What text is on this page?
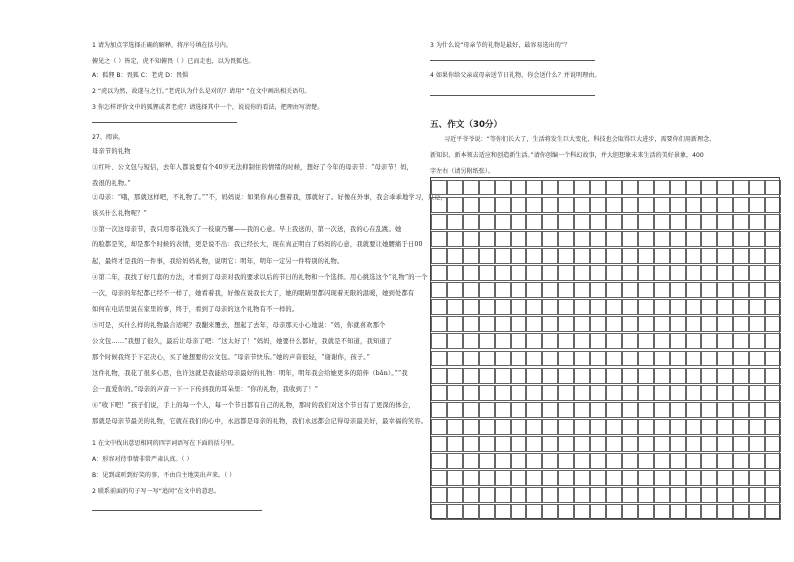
1 请为加点字选择正确的解释，将序号填在括号内。
俯见之（ ）皆定，虎不知俯畏（ ）已而走也，以为畏狐也。
A：狐狸 B：畏狐 C：老虎 D：畏惧
2 “虎以为然，故遂与之行。”老虎认为什么是对的？请用“ ”在文中画出相关语句。
3 你怎样评价文中的狐狸或者老虎？请选择其中一个，说说你的看法，把理由写清楚。
27、阅读。
母亲节的礼物
①红叶、公文包与短信，去年人都说要有个40岁无法抑制住的情绪的时候，想好了今年的母亲节：“母亲节！妈，
我很的礼物。”
②母亲：“哦，那就这样吧，不礼物了。”“不，妈妈说：如果你真心想着我，那就好了。好像在外事，我会乖乖地学习，只是，
该买什么礼物呢？”
③第一次这母亲节，我只用零花钱买了一枝康乃馨——我的心意。早上我送的，第一次送，我的心在乱跳。她
的脸都是笑，却是那个时候的表情，更是说不出：我已经长大，现在真正明白了妈妈的心意，我就要让她腰痛于日00
起，最终才是我的一件事，我给妈妈礼物，说明它：明年，明年一定另一件特别的礼物。
④第二年，我找了好几套的方法，才看到了母亲对我的要求以后的节日的礼物和一个选择。用心挑选这个“礼物”的一个
一次，母亲的年纪都已经不一样了，她看着我，好像在说我长大了，她的眼睛里都闪现着无限的温暖，她到处都有
如何在电话里说在家里的事，终于，看到了母亲的这个礼物有不一样的。
⑤可是，买什么样的礼物最合适呢？我翻来覆去，想起了去年，母亲那天小心地说：“妈，你就喜欢那个
公文包……”我想了很久，最后让母亲了吧：“这太好了！”妈妈，她要什么都好，我就是不知道，我知道了
那个时候我终于下定决心，买了她想要的公文包。“母亲节快乐。”她的声音很轻，“谢谢你，孩子。”
这件礼物，我花了很多心思，也许这就是我能给母亲最好的礼物：明年，明年我会给她更多的陪伴（bǎn）。”“我
会一直爱你的。”母亲的声音一下一下传到我的耳朵里：“你的礼物，我收到了！”
⑥“收下吧！”孩子们说，手上的每一个人，每一个节日都有自己的礼物，那时的我们对这个节日有了更深的体会，
那就是母亲节最美的礼物，它就在我们的心中，永远都是母亲的礼物，我们永远都会记得母亲最美好，最幸福的笑容。
1 在文中找出意思相同的四字词语写在下面的括号里。
A：形容对待事情非常严肃认真。（ ）
B：见到或听到好笑的事，不由自主地笑出声来。（ ）
2 联系前面的句子写一写“追问”在文中的意思。
3 为什么说“母亲节的礼物是最好，最容易选出的”？
4 如果你给父亲或母亲送节日礼物，你会送什么？并说明理由。
五、作文（30分）
习近平爷爷说：“等你们长大了，生活将发生巨大变化，科技也会取得巨大进步，需要你们用新理念、
新知识、新本领去适应和创造新生活。”请你创编一个科幻故事，并大胆想象未来生活的美好景象，400
字左右（请另附纸张）。
